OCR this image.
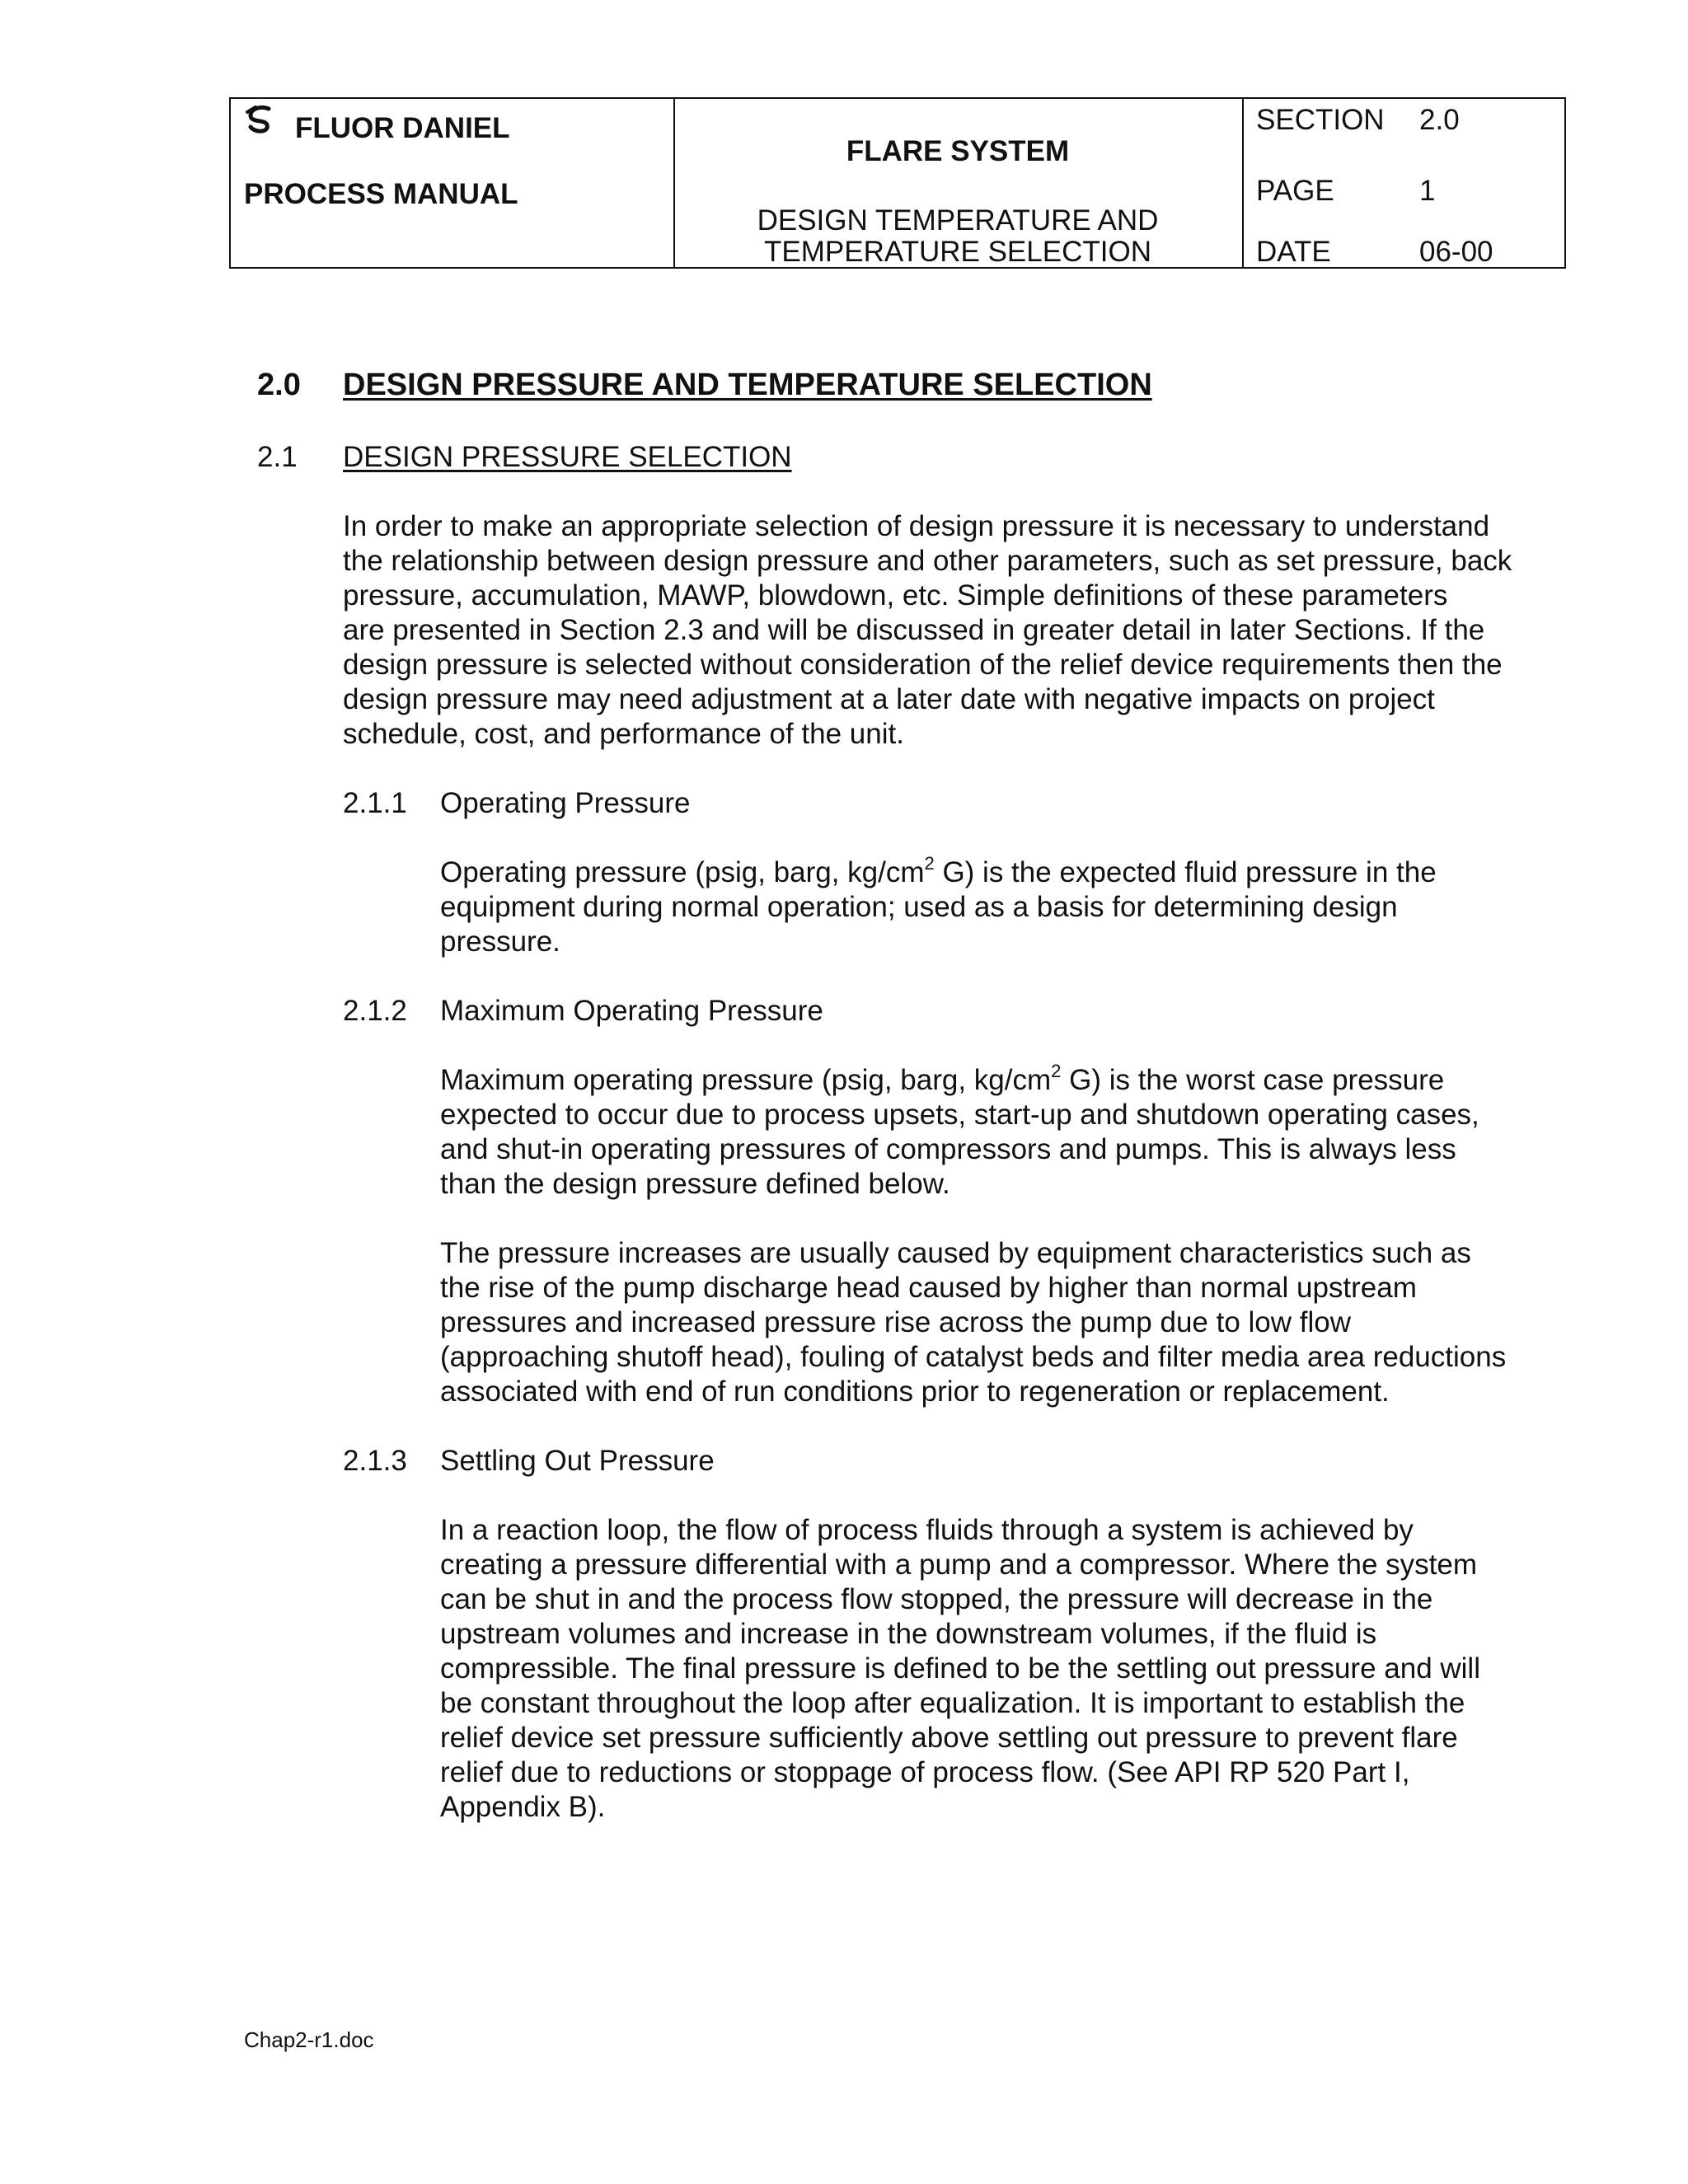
FLUOR DANIEL
PROCESS MANUAL
FLARE SYSTEM
DESIGN TEMPERATURE AND
TEMPERATURE SELECTION
SECTION 2.0
PAGE	1
DATE	06-00
2.0 DESIGN PRESSURE AND TEMPERATURE SELECTION
2.1 DESIGN PRESSURE SELECTION
In order to make an appropriate selection of design pressure it is necessary to understand
the relationship between design pressure and other parameters, such as set pressure, back
pressure, accumulation, MAWP, blowdown, etc. Simple definitions of these parameters
are presented in Section 2.3 and will be discussed in greater detail in later Sections. If the
design pressure is selected without consideration of the relief device requirements then the
design pressure may need adjustment at a later date with negative impacts on project
schedule, cost, and performance of the unit.
2.1.1 Operating Pressure
Operating pressure (psig, barg, $kg/cm^2$ G) is the expected fluid pressure in the
equipment during normal operation; used as a basis for determining design
pressure.
2.1.2 Maximum Operating Pressure
Maximum operating pressure (psig, barg, $kg/cm^2$ G) is the worst case pressure
expected to occur due to process upsets, start-up and shutdown operating cases,
and shut-in operating pressures of compressors and pumps. This is always less
than the design pressure defined below.
The pressure increases are usually caused by equipment characteristics such as
the rise of the pump discharge head caused by higher than normal upstream
pressures and increased pressure rise across the pump due to low flow
(approaching shutoff head), fouling of catalyst beds and filter media area reductions
associated with end of run conditions prior to regeneration or replacement.
2.1.3 Settling Out Pressure
In a reaction loop, the flow of process fluids through a system is achieved by
creating a pressure differential with a pump and a compressor. Where the system
can be shut in and the process flow stopped, the pressure will decrease in the
upstream volumes and increase in the downstream volumes, if the fluid is
compressible. The final pressure is defined to be the settling out pressure and will
be constant throughout the loop after equalization. It is important to establish the
relief device set pressure sufficiently above settling out pressure to prevent flare
relief due to reductions or stoppage of process flow. (See API RP 520 Part I,
Appendix B).
Chap2-r1.doc
